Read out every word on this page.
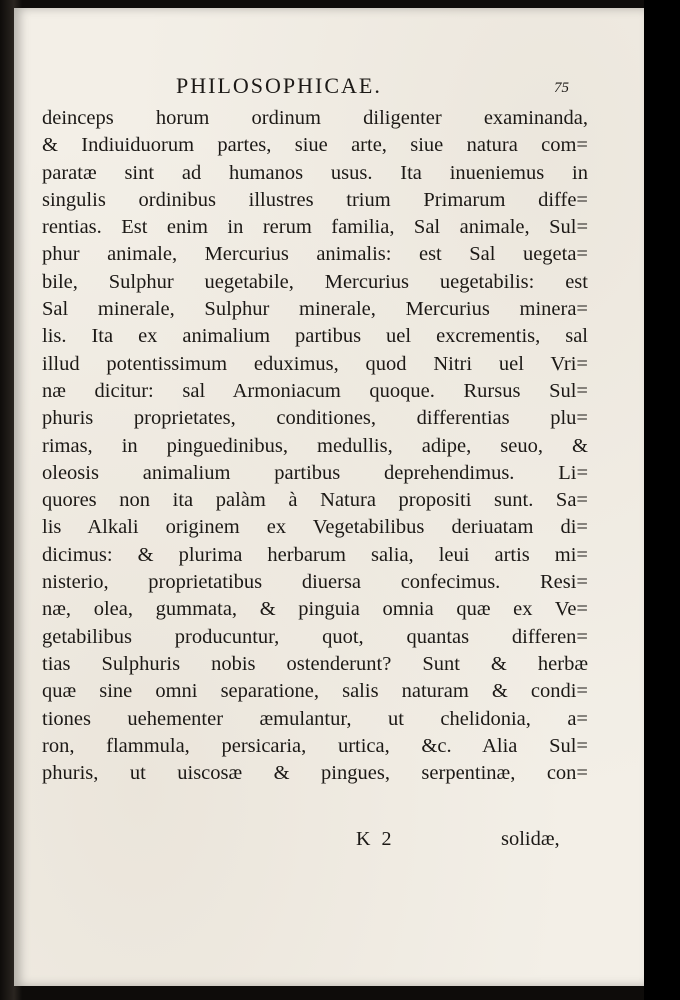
PHILOSOPHICAE.	75
deinceps horum ordinum diligenter examinanda,
& Indiuiduorum partes, siue arte, siue natura com=
paratæ sint ad humanos usus. Ita inueniemus in
singulis ordinibus illustres trium Primarum diffe=
rentias. Est enim in rerum familia, Sal animale, Sul=
phur animale, Mercurius animalis: est Sal uegeta=
bile, Sulphur uegetabile, Mercurius uegetabilis: est
Sal minerale, Sulphur minerale, Mercurius minera=
lis. Ita ex animalium partibus uel excrementis, sal
illud potentissimum eduximus, quod Nitri uel Vri=
næ dicitur: sal Armoniacum quoque. Rursus Sul=
phuris proprietates, conditiones, differentias plu=
rimas, in pinguedinibus, medullis, adipe, seuo, &
oleosis animalium partibus deprehendimus. Li=
quores non ita palàm à Natura propositi sunt. Sa=
lis Alkali originem ex Vegetabilibus deriuatam di=
dicimus: & plurima herbarum salia, leui artis mi=
nisterio, proprietatibus diuersa confecimus. Resi=
næ, olea, gummata, & pinguia omnia quæ ex Ve=
getabilibus producuntur, quot, quantas differen=
tias Sulphuris nobis ostenderunt? Sunt & herbæ
quæ sine omni separatione, salis naturam & condi=
tiones uehementer æmulantur, ut chelidonia, a=
ron, flammula, persicaria, urtica, &c. Alia Sul=
phuris, ut uiscosæ & pingues, serpentinæ, con=
K 2	solidæ,
